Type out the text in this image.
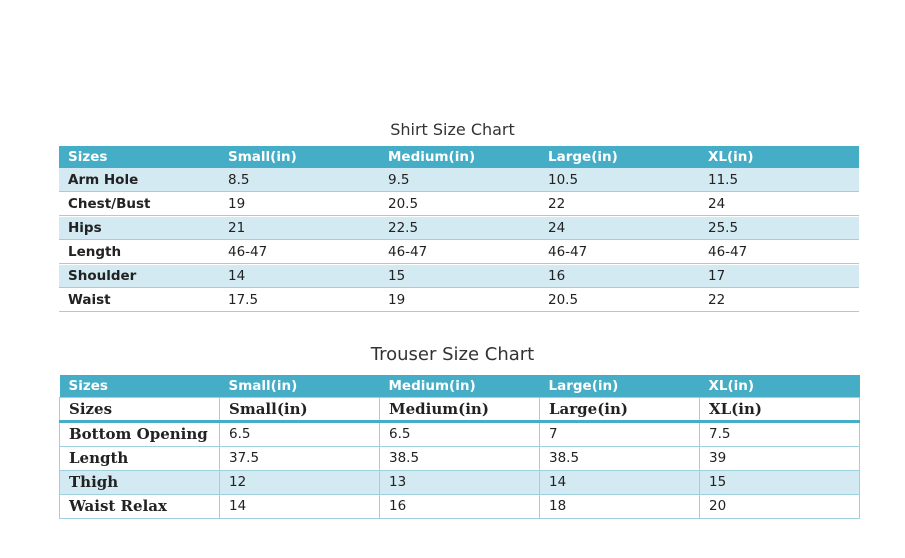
Shirt Size Chart
Sizes	Small(in)	Medium(in)	Large(in)	XL(in)
Arm Hole	8.5	9.5	10.5	11.5
Chest/Bust	19	20.5	22	24
Hips	21	22.5	24	25.5
Length	46-47	46-47	46-47	46-47
Shoulder	14	15	16	17
Waist	17.5	19	20.5	22
Trouser Size Chart
Sizes	Small(in)	Medium(in)	Large(in)	XL(in)
Sizes	Small(in)	Medium(in)	Large(in)	XL(in)
Bottom Opening	6.5	6.5	7	7.5
Length	37.5	38.5	38.5	39
Thigh	12	13	14	15
Waist Relax	14	16	18	20
